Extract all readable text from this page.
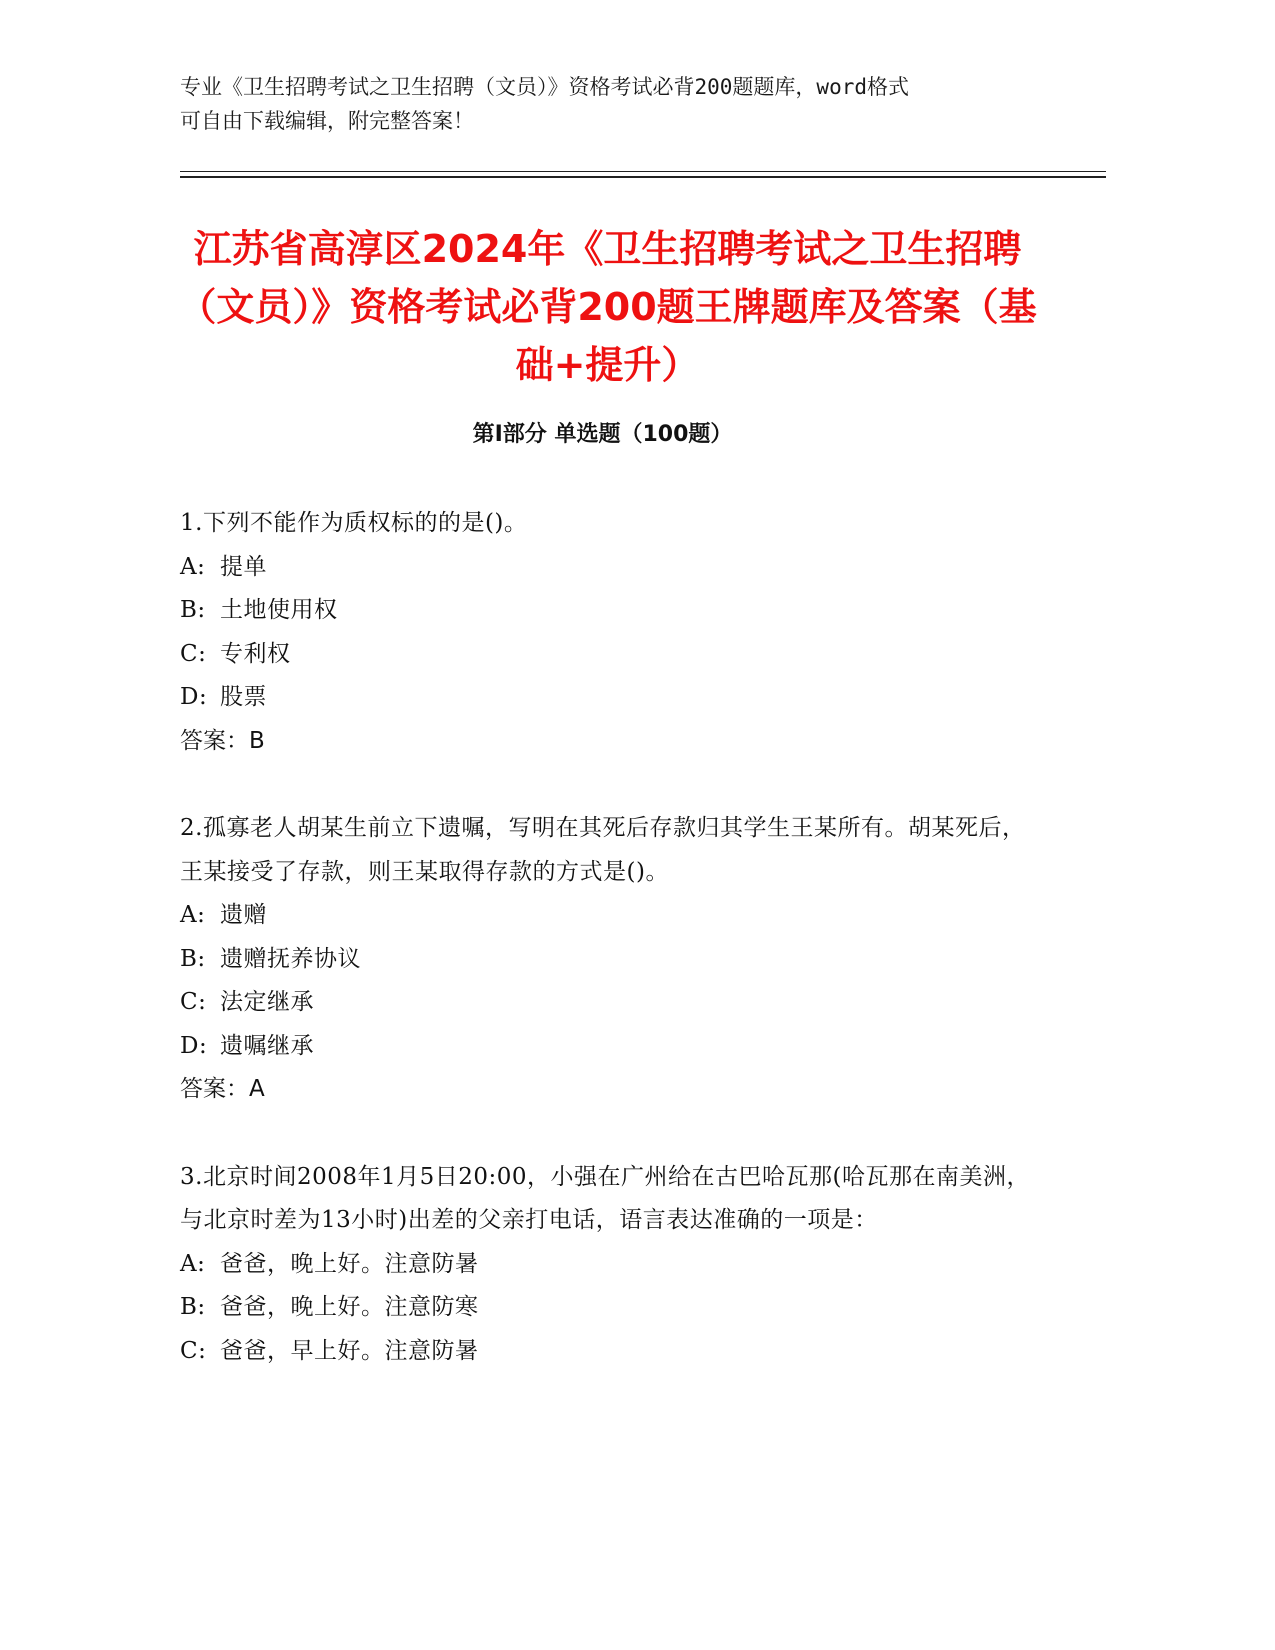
专业《卫生招聘考试之卫生招聘（文员）》资格考试必背200题题库，word格式
可自由下载编辑，附完整答案！
江苏省高淳区2024年《卫生招聘考试之卫生招聘（文员）》资格考试必背200题王牌题库及答案（基础+提升）
第Ⅰ部分 单选题（100题）
1.下列不能作为质权标的的是()。
A: 提单
B: 土地使用权
C: 专利权
D: 股票
答案：B
2.孤寡老人胡某生前立下遗嘱，写明在其死后存款归其学生王某所有。胡某死后，王某接受了存款，则王某取得存款的方式是()。
A: 遗赠
B: 遗赠抚养协议
C: 法定继承
D: 遗嘱继承
答案：A
3.北京时间2008年1月5日20:00，小强在广州给在古巴哈瓦那(哈瓦那在南美洲，与北京时差为13小时)出差的父亲打电话，语言表达准确的一项是：
A: 爸爸，晚上好。注意防暑
B: 爸爸，晚上好。注意防寒
C: 爸爸，早上好。注意防暑
